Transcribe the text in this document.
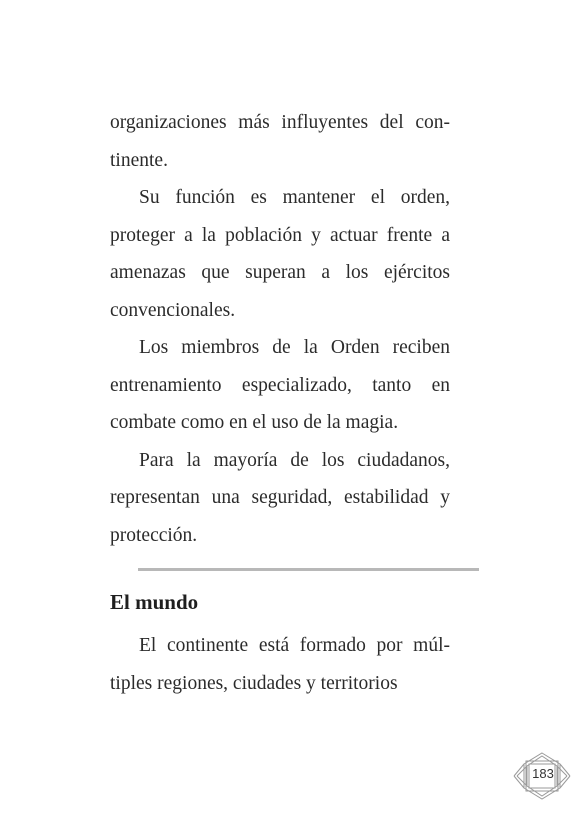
organizaciones más influyentes del continente.

Su función es mantener el orden, proteger a la población y actuar frente a amenazas que superan a los ejércitos convencionales.

Los miembros de la Orden reciben entrenamiento especializado, tanto en combate como en el uso de la magia.

Para la mayoría de los ciudadanos, representan una seguridad, estabilidad y protección.

El mundo

El continente está formado por múltiples regiones, ciudades y territorios

183
